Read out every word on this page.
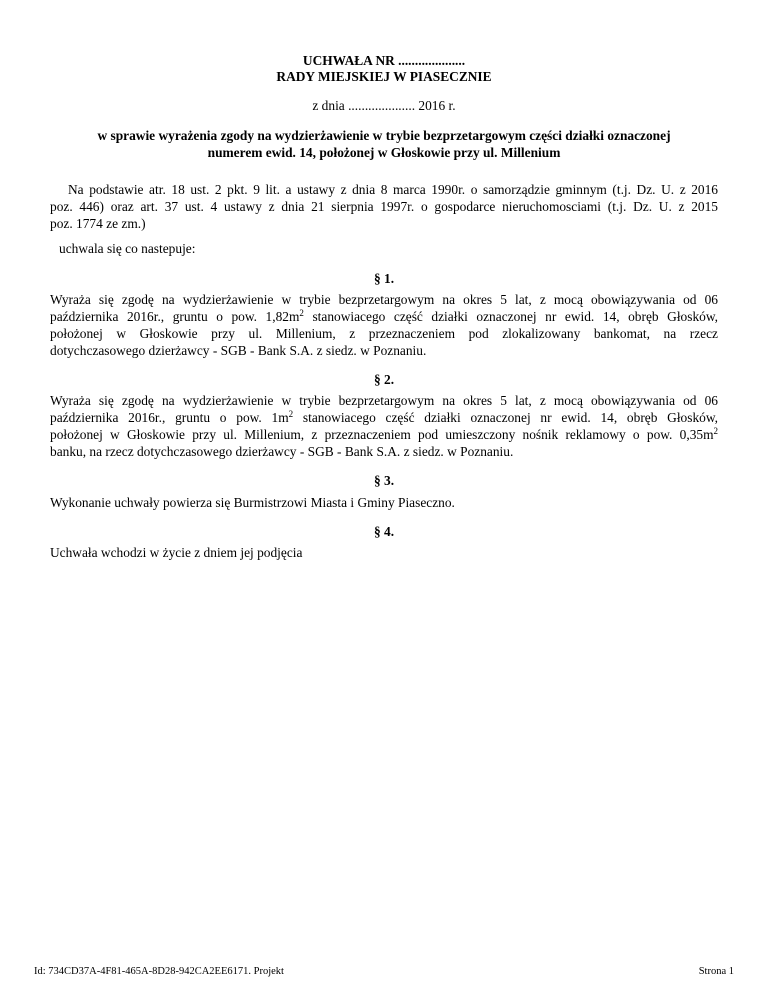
UCHWAŁA NR ....................
RADY MIEJSKIEJ W PIASECZNIE
z dnia .................... 2016 r.
w sprawie wyrażenia zgody na wydzierżawienie w trybie bezprzetargowym części działki oznaczonej
numerem ewid. 14, położonej w Głoskowie przy ul. Millenium
Na podstawie atr. 18 ust. 2 pkt. 9 lit. a ustawy z dnia 8 marca 1990r. o samorządzie gminnym (t.j. Dz. U. z 2016
poz. 446) oraz art. 37 ust. 4 ustawy z dnia 21 sierpnia 1997r. o gospodarce nieruchomosciami (t.j. Dz. U. z 2015
poz. 1774 ze zm.)
uchwala się co nastepuje:
§ 1.
Wyraża się zgodę na wydzierżawienie w trybie bezprzetargowym na okres 5 lat, z mocą obowiązywania od 06
października 2016r., gruntu o pow. $1,82m^2$ stanowiacego część działki oznaczonej nr ewid. 14, obręb Głosków,
położonej w Głoskowie przy ul. Millenium, z przeznaczeniem pod zlokalizowany bankomat, na rzecz
dotychczasowego dzierżawcy - SGB - Bank S.A. z siedz. w Poznaniu.
§ 2.
Wyraża się zgodę na wydzierżawienie w trybie bezprzetargowym na okres 5 lat, z mocą obowiązywania od 06
października 2016r., gruntu o pow. $1m^2$ stanowiacego część działki oznaczonej nr ewid. 14, obręb Głosków,
położonej w Głoskowie przy ul. Millenium, z przeznaczeniem pod umieszczony nośnik reklamowy o pow. $0,35m^2$
banku, na rzecz dotychczasowego dzierżawcy - SGB - Bank S.A. z siedz. w Poznaniu.
§ 3.
Wykonanie uchwały powierza się Burmistrzowi Miasta i Gminy Piaseczno.
§ 4.
Uchwała wchodzi w życie z dniem jej podjęcia
Id: 734CD37A-4F81-465A-8D28-942CA2EE6171. Projekt	Strona 1
